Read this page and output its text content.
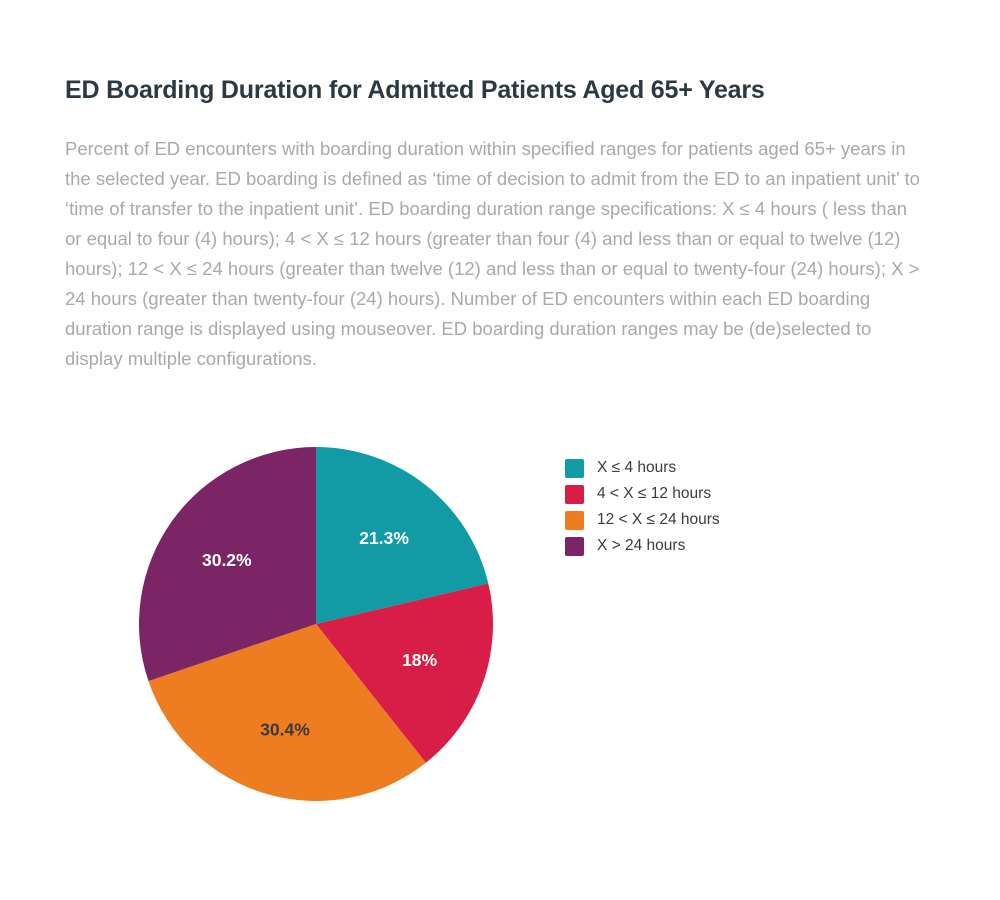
ED Boarding Duration for Admitted Patients Aged 65+ Years
Percent of ED encounters with boarding duration within specified ranges for patients aged 65+ years in the selected year. ED boarding is defined as ‘time of decision to admit from the ED to an inpatient unit’ to ‘time of transfer to the inpatient unit’. ED boarding duration range specifications: X ≤ 4 hours ( less than or equal to four (4) hours); 4 < X ≤ 12 hours (greater than four (4) and less than or equal to twelve (12) hours); 12 < X ≤ 24 hours (greater than twelve (12) and less than or equal to twenty-four (24) hours); X > 24 hours (greater than twenty-four (24) hours). Number of ED encounters within each ED boarding duration range is displayed using mouseover. ED boarding duration ranges may be (de)selected to display multiple configurations.
21.3%
18%
30.4%
30.2%
X ≤ 4 hours
4 < X ≤ 12 hours
12 < X ≤ 24 hours
X > 24 hours
